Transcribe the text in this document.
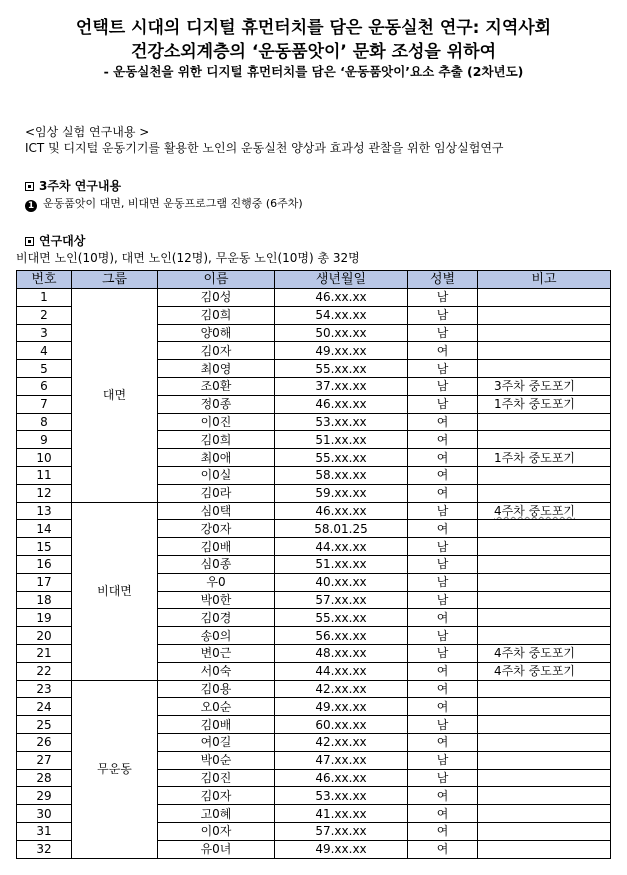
언택트 시대의 디지털 휴먼터치를 담은 운동실천 연구: 지역사회
건강소외계층의 ‘운동품앗이’ 문화 조성을 위하여
- 운동실천을 위한 디지털 휴먼터치를 담은 ‘운동품앗이’요소 추출 (2차년도)
<임상 실험 연구내용 >
ICT 및 디지털 운동기기를 활용한 노인의 운동실천 양상과 효과성 관찰을 위한 임상실험연구
3주차 연구내용
1 운동품앗이 대면, 비대면 운동프로그램 진행중 (6주차)
연구대상
비대면 노인(10명), 대면 노인(12명), 무운동 노인(10명) 총 32명
번호	그룹	이름	생년월일	성별	비고
1	대면	김0성	46.xx.xx	남	
2		김0희	54.xx.xx	남	
3		양0해	50.xx.xx	남	
4		김0자	49.xx.xx	여	
5		최0영	55.xx.xx	남	
6		조0환	37.xx.xx	남	3주차 중도포기
7		정0종	46.xx.xx	남	1주차 중도포기
8		이0진	53.xx.xx	여	
9		김0희	51.xx.xx	여	
10		최0애	55.xx.xx	여	1주차 중도포기
11		이0실	58.xx.xx	여	
12		김0라	59.xx.xx	여	
13	비대면	심0택	46.xx.xx	남	4주차 중도포기
14		강0자	58.01.25	여	
15		김0배	44.xx.xx	남	
16		심0종	51.xx.xx	남	
17		우0	40.xx.xx	남	
18		박0한	57.xx.xx	남	
19		김0경	55.xx.xx	여	
20		송0의	56.xx.xx	남	
21		변0근	48.xx.xx	남	4주차 중도포기
22		서0숙	44.xx.xx	여	4주차 중도포기
23	무운동	김0용	42.xx.xx	여	
24		오0순	49.xx.xx	여	
25		김0배	60.xx.xx	남	
26		여0길	42.xx.xx	여	
27		박0순	47.xx.xx	남	
28		김0진	46.xx.xx	남	
29		김0자	53.xx.xx	여	
30		고0혜	41.xx.xx	여	
31		이0자	57.xx.xx	여	
32		유0녀	49.xx.xx	여	
